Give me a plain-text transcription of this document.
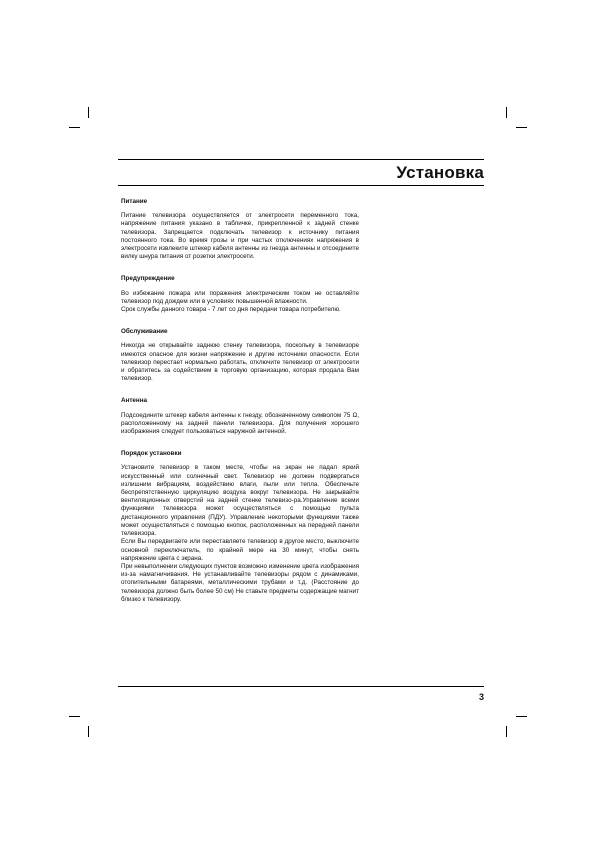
Установка
Питание

Питание телевизора осуществляется от электросети переменного тока, напряжение питания указано в табличке, прикрепленной к задней стенке телевизора. Запрещается подключать телевизор к источнику питания постоянного тока. Во время грозы и при частых отключениях напряжения в электросети извлеките штекер кабеля антенны из гнезда антенны и отсоедините вилку шнура питания от розетки электросети.

Предупреждение

Во избежание пожара или поражения электрическим током не оставляйте телевизор под дождем или в условиях повышенной влажности.

Срок службы данного товара - 7 лет со дня передачи товара потребителю.

Обслуживание

Никогда не открывайте заднюю стенку телевизора, поскольку в телевизоре имеются опасное для жизни напряжение и другие источники опасности. Если телевизор перестает нормально работать, отключите телевизор от электросети и обратитесь за содействием в торговую организацию, которая продала Вам телевизор.

Антенна

Подсоедините штекер кабеля антенны к гнезду, обозначенному символом 75 Ω, расположенному на задней панели телевизора. Для получения хорошего изображения следует пользоваться наружной антенной.

Порядок установки

Установите телевизор в таком месте, чтобы на экран не падал яркий искусственный или солнечный свет. Телевизор не должен подвергаться излишним вибрациям, воздействию влаги, пыли или тепла. Обеспечьте беспрепятственную циркуляцию воздуха вокруг телевизора. Не закрывайте вентиляционных отверстий на задней стенке телевизо-ра.Управление всеми функциями телевизора может осуществляться с помощью пульта дистанционного управления (ПДУ). Управление некоторыми функциями также может осуществляться с помощью кнопок, расположенных на передней панели телевизора.

Если Вы передвигаете или переставляете телевизор в другое место, выключите основной переключатель, по крайней мере на 30 минут, чтобы снять напряжение цвета с экрана.

При невыполнении следующих пунктов возможно изменение цвета изображения из-за намагничивания. Не устанавливайте телевизоры рядом с динамиками, отопительными батареями, металлическими трубами и т.д. (Расстояние до телевизора должно быть более 50 см) Не ставьте предметы содержащие магнит близко к телевизору.

3
